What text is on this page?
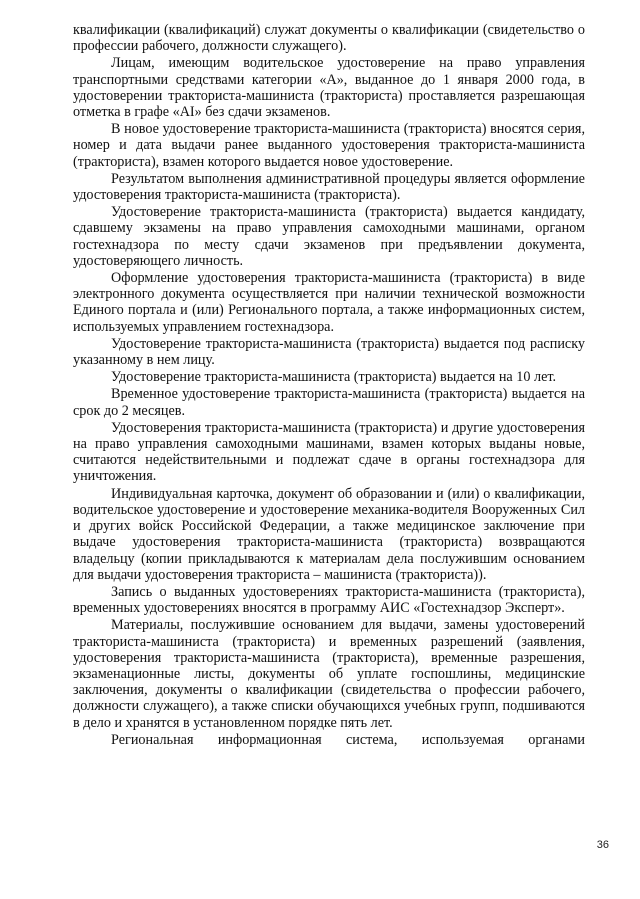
квалификации (квалификаций) служат документы о квалификации (свидетельство о профессии рабочего, должности служащего).

Лицам, имеющим водительское удостоверение на право управления транспортными средствами категории «А», выданное до 1 января 2000 года, в удостоверении тракториста-машиниста (тракториста) проставляется разрешающая отметка в графе «AI» без сдачи экзаменов.

В новое удостоверение тракториста-машиниста (тракториста) вносятся серия, номер и дата выдачи ранее выданного удостоверения тракториста-машиниста (тракториста), взамен которого выдается новое удостоверение.

Результатом выполнения административной процедуры является оформление удостоверения тракториста-машиниста (тракториста).

Удостоверение тракториста-машиниста (тракториста) выдается кандидату, сдавшему экзамены на право управления самоходными машинами, органом гостехнадзора по месту сдачи экзаменов при предъявлении документа, удостоверяющего личность.

Оформление удостоверения тракториста-машиниста (тракториста) в виде электронного документа осуществляется при наличии технической возможности Единого портала и (или) Регионального портала, а также информационных систем, используемых управлением гостехнадзора.

Удостоверение тракториста-машиниста (тракториста) выдается под расписку указанному в нем лицу.

Удостоверение тракториста-машиниста (тракториста) выдается на 10 лет.

Временное удостоверение тракториста-машиниста (тракториста) выдается на срок до 2 месяцев.

Удостоверения тракториста-машиниста (тракториста) и другие удостоверения на право управления самоходными машинами, взамен которых выданы новые, считаются недействительными и подлежат сдаче в органы гостехнадзора для уничтожения.

Индивидуальная карточка, документ об образовании и (или) о квалификации, водительское удостоверение и удостоверение механика-водителя Вооруженных Сил и других войск Российской Федерации, а также медицинское заключение при выдаче удостоверения тракториста-машиниста (тракториста) возвращаются владельцу (копии прикладываются к материалам дела послужившим основанием для выдачи удостоверения тракториста – машиниста (тракториста)).

Запись о выданных удостоверениях тракториста-машиниста (тракториста), временных удостоверениях вносятся в программу АИС «Гостехнадзор Эксперт».

Материалы, послужившие основанием для выдачи, замены удостоверений тракториста-машиниста (тракториста) и временных разрешений (заявления, удостоверения тракториста-машиниста (тракториста), временные разрешения, экзаменационные листы, документы об уплате госпошлины, медицинские заключения, документы о квалификации (свидетельства о профессии рабочего, должности служащего), а также списки обучающихся учебных групп, подшиваются в дело и хранятся в установленном порядке пять лет.

Региональная информационная система, используемая органами

36
